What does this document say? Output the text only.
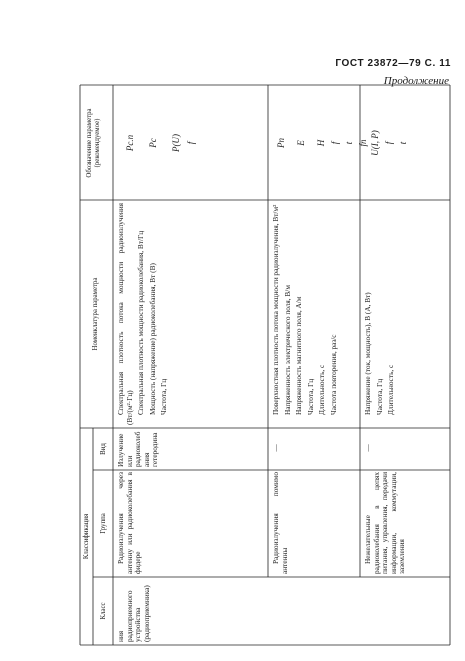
ГОСТ 23872—79 С. 11
Продолжение
Классификация
Класс
Группа
Вид
Номенклатура параметра
Обозначение параметра (рекомендуемое)
ния радиоприемного устройства (радиоприемника)
Радиоизлучения через антенну или радиоколебания в фидере
Излучение или радиоколебания гетеродина
Спектральная плотность потока мощности радиоизлучения (Вт/(м²·Гц) Спектральная плотность мощности радиоколебания, Вт/Гц Мощность (напряжение) радиоколебания, Вт (В) Частота, Гц
Pс.п Pс P(U) f
Радиоизлучения помимо антенны
—
Поверхностная плотность потока мощности радиоизлучения, Вт/м² Напряженность электрического поля, В/м Напряженность магнитного поля, А/м Частота, Гц Длительность, с Частота повторения, раз/с
Pп E H f t fп
Нежелательные радиоколебания в цепях питания, управления, передачи информации, коммутации, заземления
—
Напряжение (ток, мощность), В (А, Вт) Частота, Гц Длительность, с
U(I, P) f t
